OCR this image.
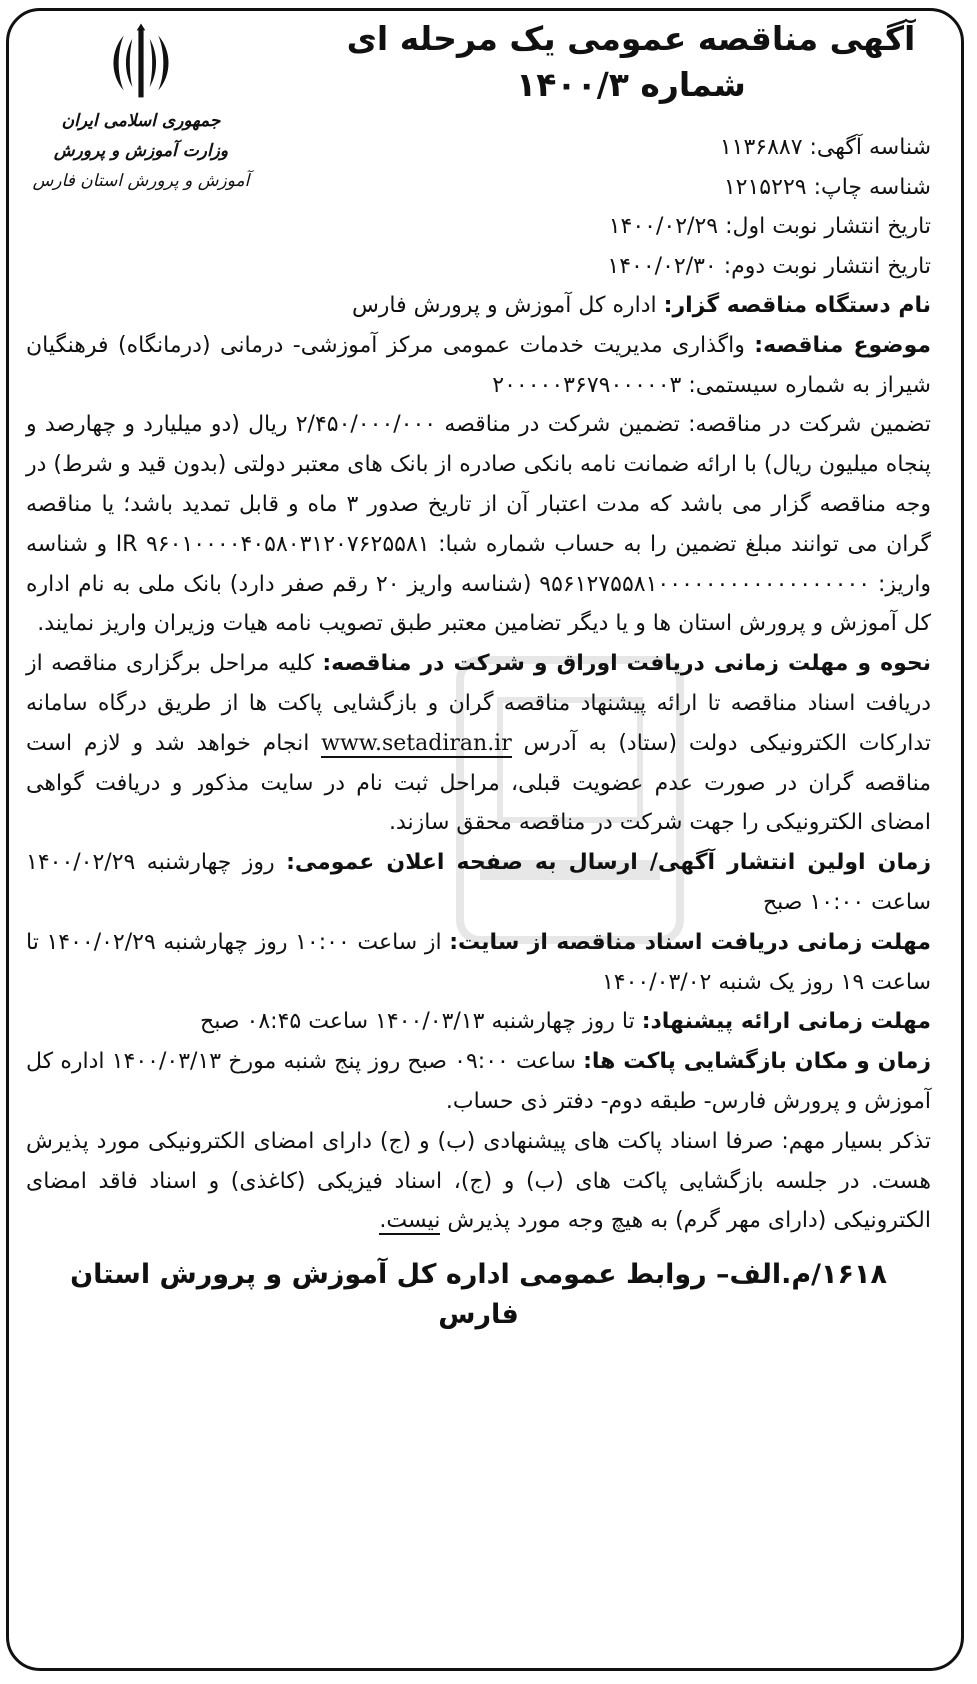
آگهی مناقصه عمومی یک مرحله ای
شماره ۱۴۰۰/۳
جمهوری اسلامی ایران
وزارت آموزش و پرورش
آموزش و پرورش استان فارس

شناسه آگهی: ۱۱۳۶۸۸۷

شناسه چاپ: ۱۲۱۵۲۲۹

تاریخ انتشار نوبت اول: ۱۴۰۰/۰۲/۲۹

تاریخ انتشار نوبت دوم: ۱۴۰۰/۰۲/۳۰

نام دستگاه مناقصه گزار: اداره کل آموزش و پرورش فارس

موضوع مناقصه: واگذاری مدیریت خدمات عمومی مرکز آموزشی- درمانی (درمانگاه) فرهنگیان شیراز به شماره سیستمی: ۲۰۰۰۰۰۳۶۷۹۰۰۰۰۰۳

تضمین شرکت در مناقصه: تضمین شرکت در مناقصه ۲/۴۵۰/۰۰۰/۰۰۰ ریال (دو میلیارد و چهارصد و پنجاه میلیون ریال) با ارائه ضمانت نامه بانکی صادره از بانک های معتبر دولتی (بدون قید و شرط) در وجه مناقصه گزار می باشد که مدت اعتبار آن از تاریخ صدور ۳ ماه و قابل تمدید باشد؛ یا مناقصه گران می توانند مبلغ تضمین را به حساب شماره شبا: IR ۹۶۰۱۰۰۰۰۴۰۵۸۰۳۱۲۰۷۶۲۵۵۸۱ و شناسه واریز: ۹۵۶۱۲۷۵۵۸۱۰۰۰۰۰۰۰۰۰۰۰۰۰۰۰۰۰۰ (شناسه واریز ۲۰ رقم صفر دارد) بانک ملی به نام اداره کل آموزش و پرورش استان ها و یا دیگر تضامین معتبر طبق تصویب نامه هیات وزیران واریز نمایند.

نحوه و مهلت زمانی دریافت اوراق و شرکت در مناقصه: کلیه مراحل برگزاری مناقصه از دریافت اسناد مناقصه تا ارائه پیشنهاد مناقصه گران و بازگشایی پاکت ها از طریق درگاه سامانه تدارکات الکترونیکی دولت (ستاد) به آدرس www.setadiran.ir انجام خواهد شد و لازم است مناقصه گران در صورت عدم عضویت قبلی، مراحل ثبت نام در سایت مذکور و دریافت گواهی امضای الکترونیکی را جهت شرکت در مناقصه محقق سازند.

زمان اولین انتشار آگهی/ ارسال به صفحه اعلان عمومی: روز چهارشنبه ۱۴۰۰/۰۲/۲۹ ساعت ۱۰:۰۰ صبح

مهلت زمانی دریافت اسناد مناقصه از سایت: از ساعت ۱۰:۰۰ روز چهارشنبه ۱۴۰۰/۰۲/۲۹ تا ساعت ۱۹ روز یک شنبه ۱۴۰۰/۰۳/۰۲

مهلت زمانی ارائه پیشنهاد: تا روز چهارشنبه ۱۴۰۰/۰۳/۱۳ ساعت ۰۸:۴۵ صبح

زمان و مکان بازگشایی پاکت ها: ساعت ۰۹:۰۰ صبح روز پنج شنبه مورخ ۱۴۰۰/۰۳/۱۳ اداره کل آموزش و پرورش فارس- طبقه دوم- دفتر ذی حساب.

تذکر بسیار مهم: صرفا اسناد پاکت های پیشنهادی (ب) و (ج) دارای امضای الکترونیکی مورد پذیرش هست. در جلسه بازگشایی پاکت های (ب) و (ج)، اسناد فیزیکی (کاغذی) و اسناد فاقد امضای الکترونیکی (دارای مهر گرم) به هیچ وجه مورد پذیرش نیست.

۱۶۱۸/م.الف– روابط عمومی اداره کل آموزش و پرورش استان فارس
